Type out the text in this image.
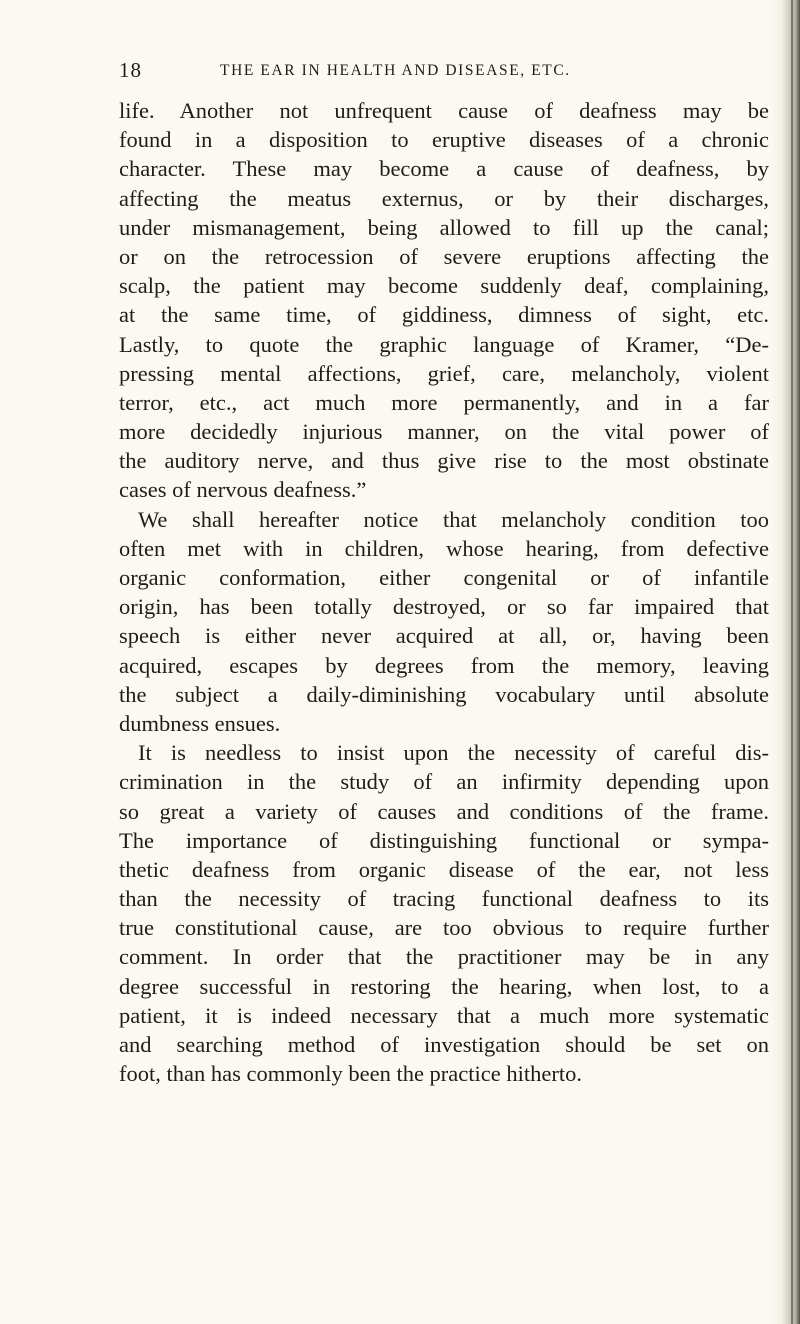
18	THE EAR IN HEALTH AND DISEASE, ETC.
life. Another not unfrequent cause of deafness may be
found in a disposition to eruptive diseases of a chronic
character. These may become a cause of deafness, by
affecting the meatus externus, or by their discharges,
under mismanagement, being allowed to fill up the canal;
or on the retrocession of severe eruptions affecting the
scalp, the patient may become suddenly deaf, complaining,
at the same time, of giddiness, dimness of sight, etc.
Lastly, to quote the graphic language of Kramer, “De-
pressing mental affections, grief, care, melancholy, violent
terror, etc., act much more permanently, and in a far
more decidedly injurious manner, on the vital power of
the auditory nerve, and thus give rise to the most obstinate
cases of nervous deafness.”
We shall hereafter notice that melancholy condition too
often met with in children, whose hearing, from defective
organic conformation, either congenital or of infantile
origin, has been totally destroyed, or so far impaired that
speech is either never acquired at all, or, having been
acquired, escapes by degrees from the memory, leaving
the subject a daily-diminishing vocabulary until absolute
dumbness ensues.
It is needless to insist upon the necessity of careful dis-
crimination in the study of an infirmity depending upon
so great a variety of causes and conditions of the frame.
The importance of distinguishing functional or sympa-
thetic deafness from organic disease of the ear, not less
than the necessity of tracing functional deafness to its
true constitutional cause, are too obvious to require further
comment. In order that the practitioner may be in any
degree successful in restoring the hearing, when lost, to a
patient, it is indeed necessary that a much more systematic
and searching method of investigation should be set on
foot, than has commonly been the practice hitherto.
